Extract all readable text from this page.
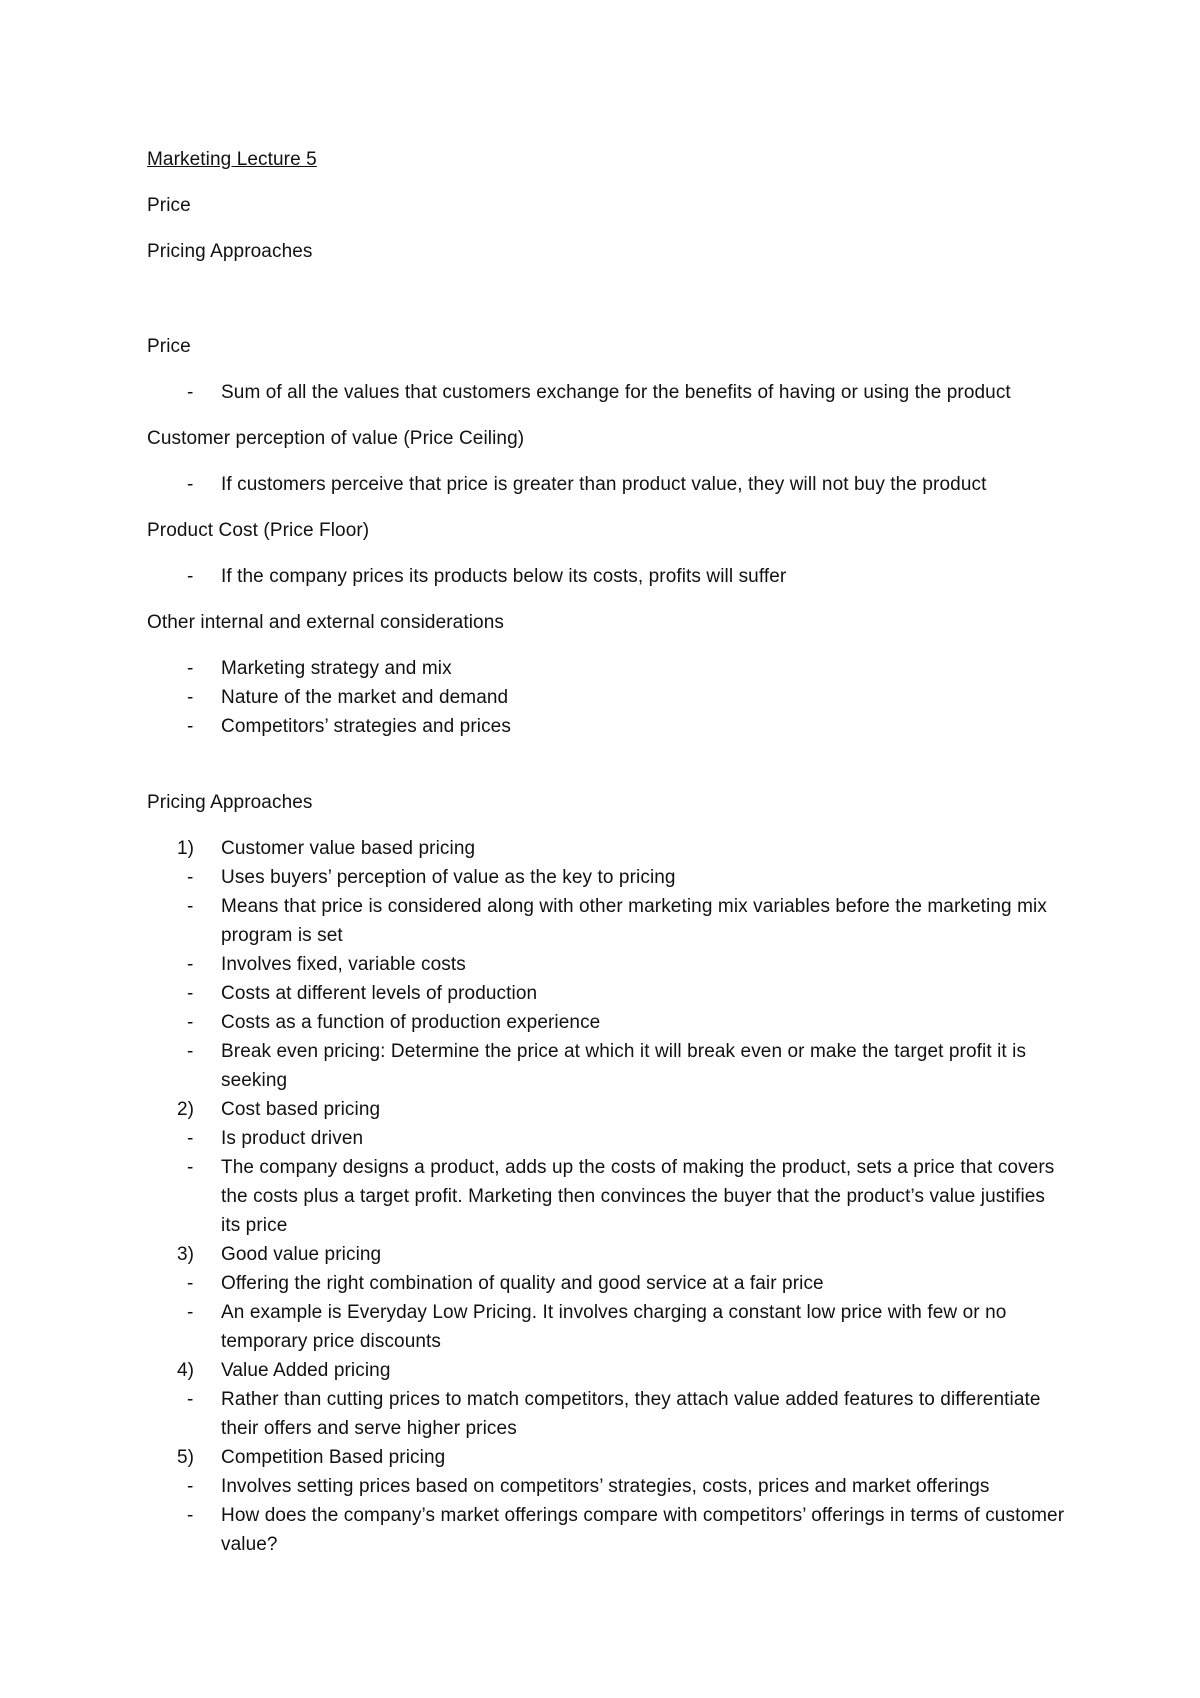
Marketing Lecture 5

Price

Pricing Approaches

Price

- Sum of all the values that customers exchange for the benefits of having or using the product

Customer perception of value (Price Ceiling)

- If customers perceive that price is greater than product value, they will not buy the product

Product Cost (Price Floor)

- If the company prices its products below its costs, profits will suffer

Other internal and external considerations

- Marketing strategy and mix
- Nature of the market and demand
- Competitors’ strategies and prices

Pricing Approaches

1) Customer value based pricing
- Uses buyers’ perception of value as the key to pricing
- Means that price is considered along with other marketing mix variables before the marketing mix program is set
- Involves fixed, variable costs
- Costs at different levels of production
- Costs as a function of production experience
- Break even pricing: Determine the price at which it will break even or make the target profit it is seeking
2) Cost based pricing
- Is product driven
- The company designs a product, adds up the costs of making the product, sets a price that covers the costs plus a target profit. Marketing then convinces the buyer that the product’s value justifies its price
3) Good value pricing
- Offering the right combination of quality and good service at a fair price
- An example is Everyday Low Pricing. It involves charging a constant low price with few or no temporary price discounts
4) Value Added pricing
- Rather than cutting prices to match competitors, they attach value added features to differentiate their offers and serve higher prices
5) Competition Based pricing
- Involves setting prices based on competitors’ strategies, costs, prices and market offerings
- How does the company’s market offerings compare with competitors’ offerings in terms of customer value?
